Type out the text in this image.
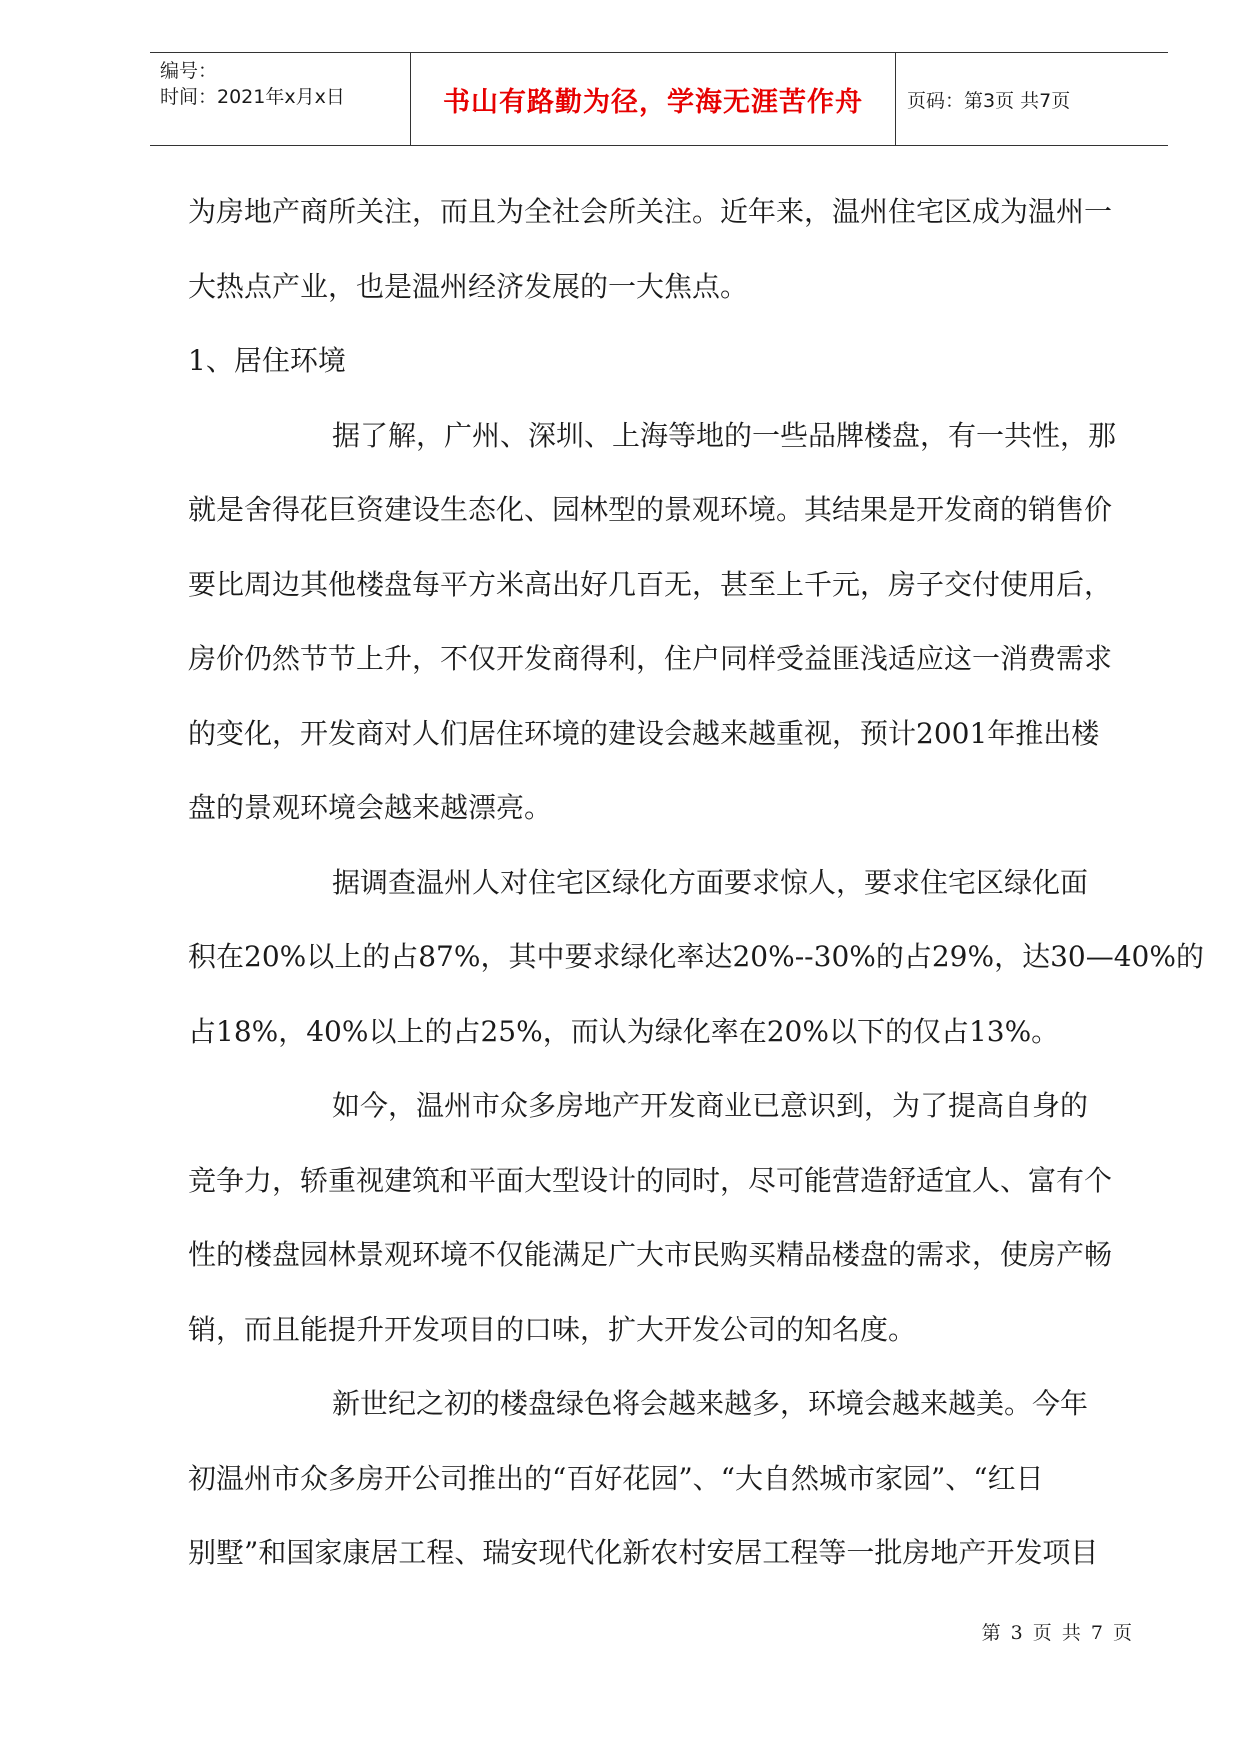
编号：
时间：2021年x月x日	书山有路勤为径，学海无涯苦作舟	页码：第3页 共7页

为房地产商所关注，而且为全社会所关注。近年来，温州住宅区成为温州一

大热点产业，也是温州经济发展的一大焦点。

1、居住环境

据了解，广州、深圳、上海等地的一些品牌楼盘，有一共性，那

就是舍得花巨资建设生态化、园林型的景观环境。其结果是开发商的销售价

要比周边其他楼盘每平方米高出好几百无，甚至上千元，房子交付使用后，

房价仍然节节上升，不仅开发商得利，住户同样受益匪浅适应这一消费需求

的变化，开发商对人们居住环境的建设会越来越重视，预计2001年推出楼

盘的景观环境会越来越漂亮。

据调查温州人对住宅区绿化方面要求惊人，要求住宅区绿化面

积在20%以上的占87%，其中要求绿化率达20%--30%的占29%，达30—40%的

占18%，40%以上的占25%，而认为绿化率在20%以下的仅占13%。

如今，温州市众多房地产开发商业已意识到，为了提高自身的

竞争力，轿重视建筑和平面大型设计的同时，尽可能营造舒适宜人、富有个

性的楼盘园林景观环境不仅能满足广大市民购买精品楼盘的需求，使房产畅

销，而且能提升开发项目的口味，扩大开发公司的知名度。

新世纪之初的楼盘绿色将会越来越多，环境会越来越美。今年

初温州市众多房开公司推出的“百好花园”、“大自然城市家园”、“红日

别墅”和国家康居工程、瑞安现代化新农村安居工程等一批房地产开发项目

第 3 页 共 7 页
